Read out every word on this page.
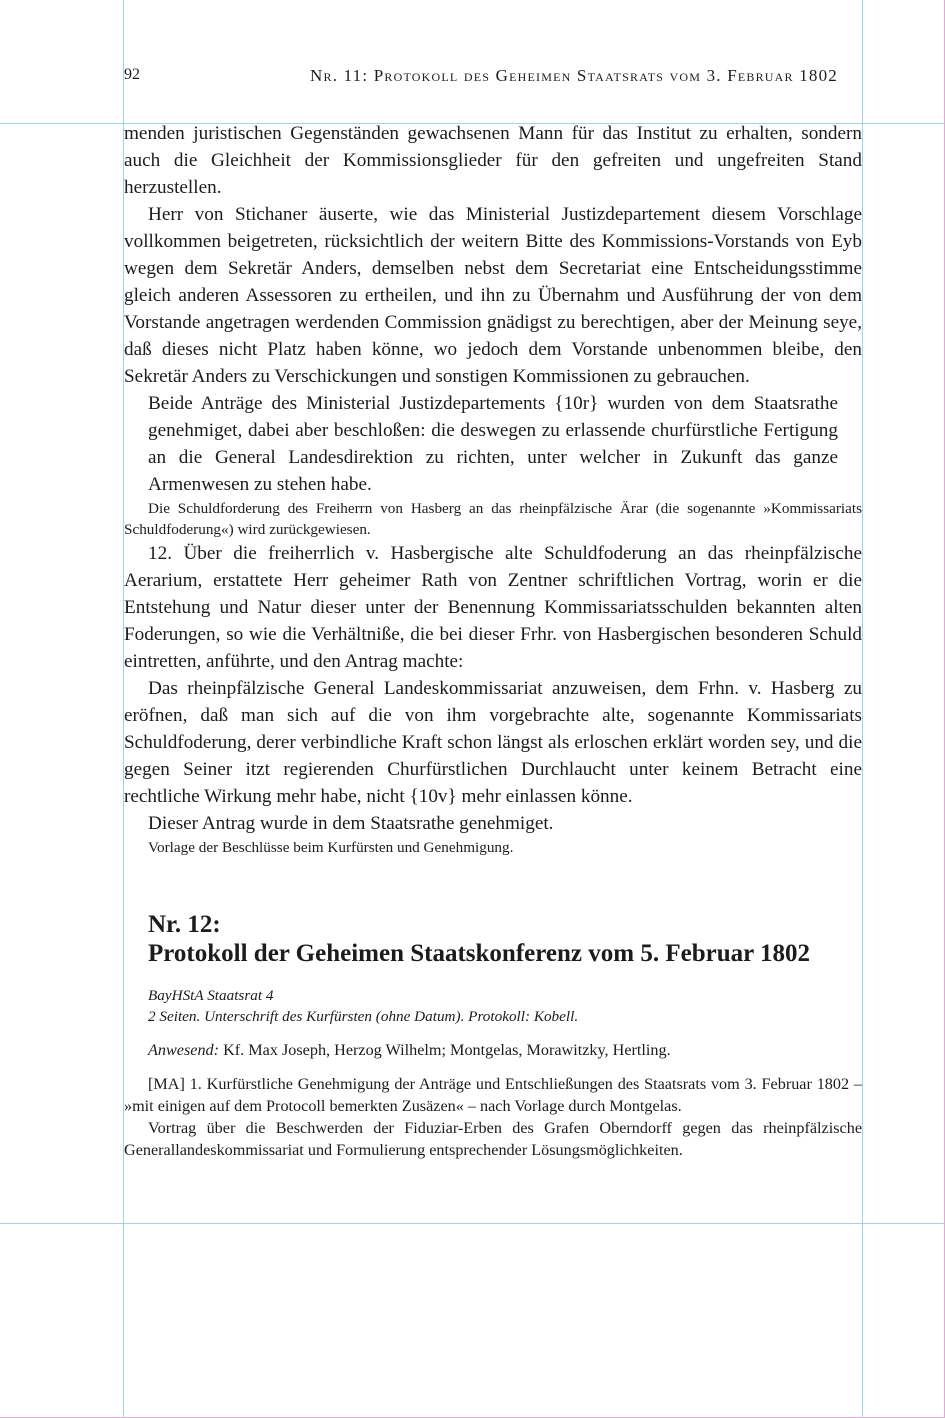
92	Nr. 11: Protokoll des Geheimen Staatsrats vom 3. Februar 1802

menden juristischen Gegenständen gewachsenen Mann für das Institut zu erhalten, sondern auch die Gleichheit der Kommissionsglieder für den gefreiten und ungefreiten Stand herzustellen.

Herr von Stichaner äuserte, wie das Ministerial Justizdepartement diesem Vorschlage vollkommen beigetreten, rücksichtlich der weitern Bitte des Kommissions-Vorstands von Eyb wegen dem Sekretär Anders, demselben nebst dem Secretariat eine Entscheidungsstimme gleich anderen Assessoren zu ertheilen, und ihn zu Übernahm und Ausführung der von dem Vorstande angetragen werdenden Commission gnädigst zu berechtigen, aber der Meinung seye, daß dieses nicht Platz haben könne, wo jedoch dem Vorstande unbenommen bleibe, den Sekretär Anders zu Verschickungen und sonstigen Kommissionen zu gebrauchen.

Beide Anträge des Ministerial Justizdepartements {10r} wurden von dem Staatsrathe genehmiget, dabei aber beschloßen: die deswegen zu erlassende churfürstliche Fertigung an die General Landesdirektion zu richten, unter welcher in Zukunft das ganze Armenwesen zu stehen habe.

Die Schuldforderung des Freiherrn von Hasberg an das rheinpfälzische Ärar (die sogenannte »Kommissariats Schuldfoderung«) wird zurückgewiesen.

12. Über die freiherrlich v. Hasbergische alte Schuldfoderung an das rheinpfälzische Aerarium, erstattete Herr geheimer Rath von Zentner schriftlichen Vortrag, worin er die Entstehung und Natur dieser unter der Benennung Kommissariatsschulden bekannten alten Foderungen, so wie die Verhältniße, die bei dieser Frhr. von Hasbergischen besonderen Schuld eintretten, anführte, und den Antrag machte:

Das rheinpfälzische General Landeskommissariat anzuweisen, dem Frhn. v. Hasberg zu eröfnen, daß man sich auf die von ihm vorgebrachte alte, sogenannte Kommissariats Schuldfoderung, derer verbindliche Kraft schon längst als erloschen erklärt worden sey, und die gegen Seiner itzt regierenden Churfürstlichen Durchlaucht unter keinem Betracht eine rechtliche Wirkung mehr habe, nicht {10v} mehr einlassen könne.

Dieser Antrag wurde in dem Staatsrathe genehmiget.

Vorlage der Beschlüsse beim Kurfürsten und Genehmigung.

Nr. 12:
Protokoll der Geheimen Staatskonferenz vom 5. Februar 1802
BayHStA Staatsrat 4
2 Seiten. Unterschrift des Kurfürsten (ohne Datum). Protokoll: Kobell.
Anwesend: Kf. Max Joseph, Herzog Wilhelm; Montgelas, Morawitzky, Hertling.

[MA] 1. Kurfürstliche Genehmigung der Anträge und Entschließungen des Staatsrats vom 3. Februar 1802 – »mit einigen auf dem Protocoll bemerkten Zusäzen« – nach Vorlage durch Montgelas.

Vortrag über die Beschwerden der Fiduziar-Erben des Grafen Oberndorff gegen das rheinpfälzische Generallandeskommissariat und Formulierung entsprechender Lösungsmöglichkeiten.
